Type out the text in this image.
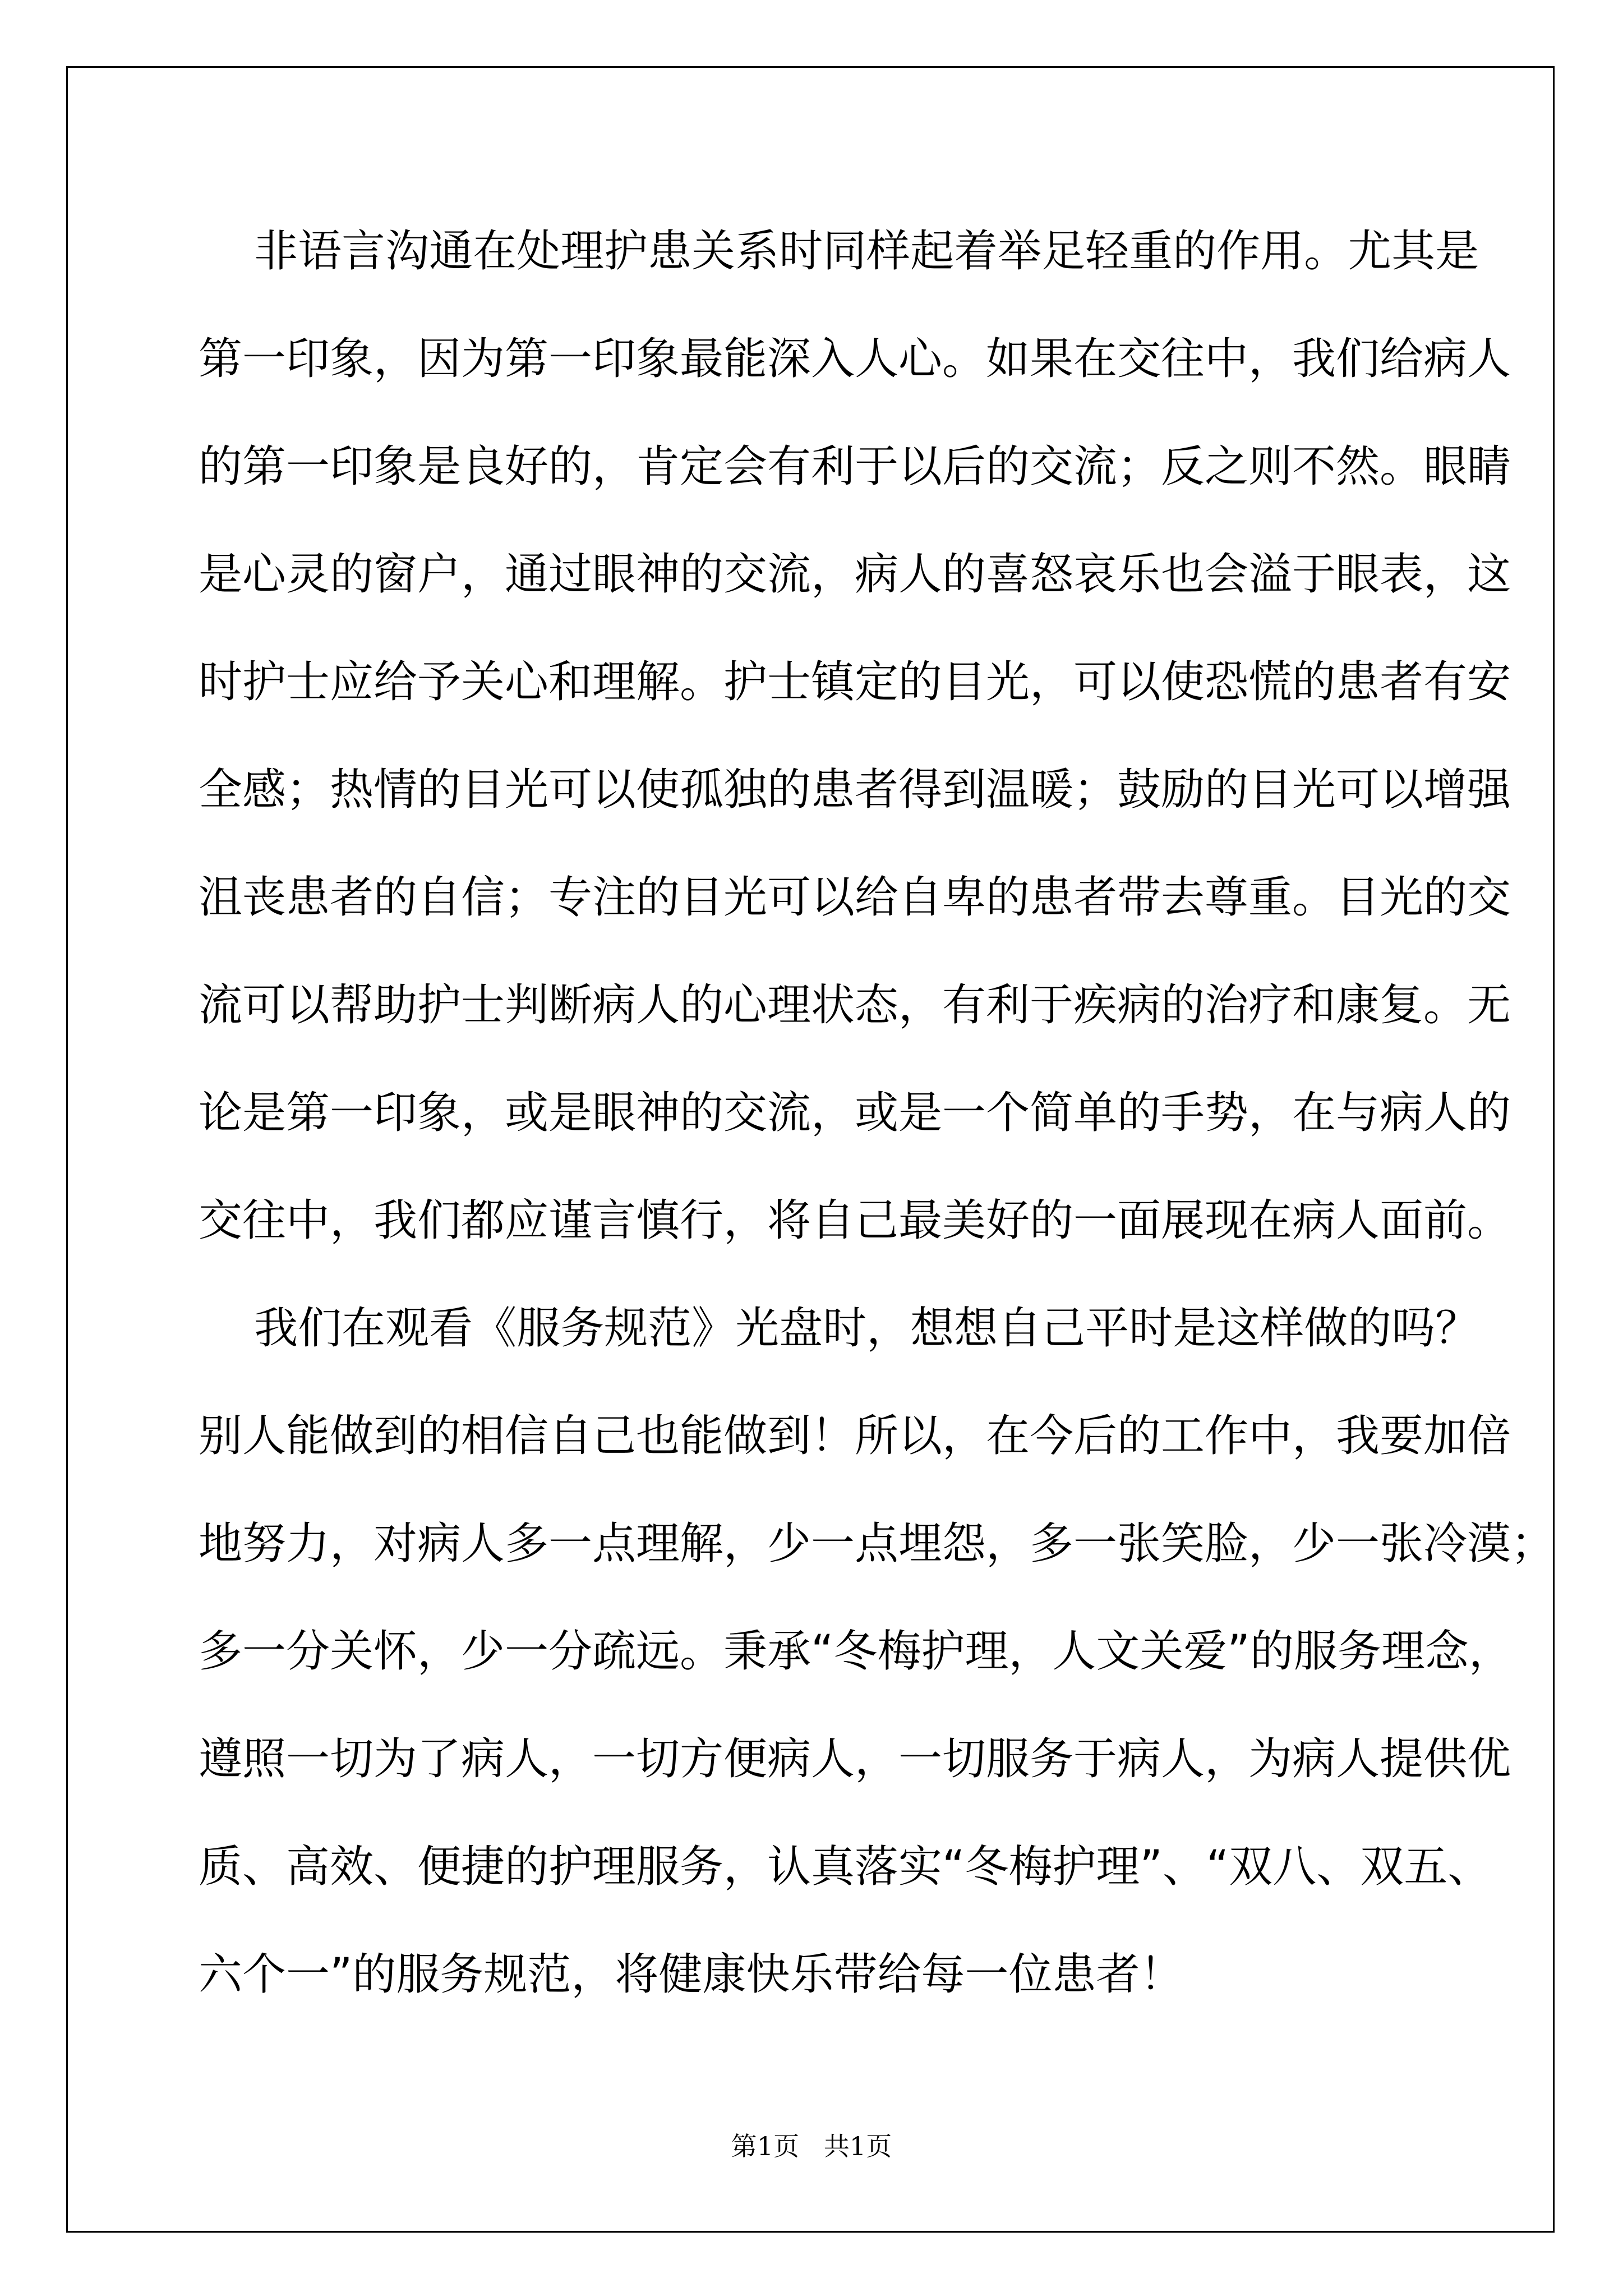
非语言沟通在处理护患关系时同样起着举足轻重的作用。尤其是
第一印象，因为第一印象最能深入人心。如果在交往中，我们给病人
的第一印象是良好的，肯定会有利于以后的交流；反之则不然。眼睛
是心灵的窗户，通过眼神的交流，病人的喜怒哀乐也会溢于眼表，这
时护士应给予关心和理解。护士镇定的目光，可以使恐慌的患者有安
全感；热情的目光可以使孤独的患者得到温暖；鼓励的目光可以增强
沮丧患者的自信；专注的目光可以给自卑的患者带去尊重。目光的交
流可以帮助护士判断病人的心理状态，有利于疾病的治疗和康复。无
论是第一印象，或是眼神的交流，或是一个简单的手势，在与病人的
交往中，我们都应谨言慎行，将自己最美好的一面展现在病人面前。
我们在观看《服务规范》光盘时，想想自己平时是这样做的吗？
别人能做到的相信自己也能做到！所以，在今后的工作中，我要加倍
地努力，对病人多一点理解，少一点埋怨，多一张笑脸，少一张冷漠；
多一分关怀，少一分疏远。秉承“冬梅护理，人文关爱”的服务理念，
遵照一切为了病人，一切方便病人，一切服务于病人，为病人提供优
质、高效、便捷的护理服务，认真落实“冬梅护理”、“双八、双五、
六个一”的服务规范，将健康快乐带给每一位患者！
第1页   共1页
